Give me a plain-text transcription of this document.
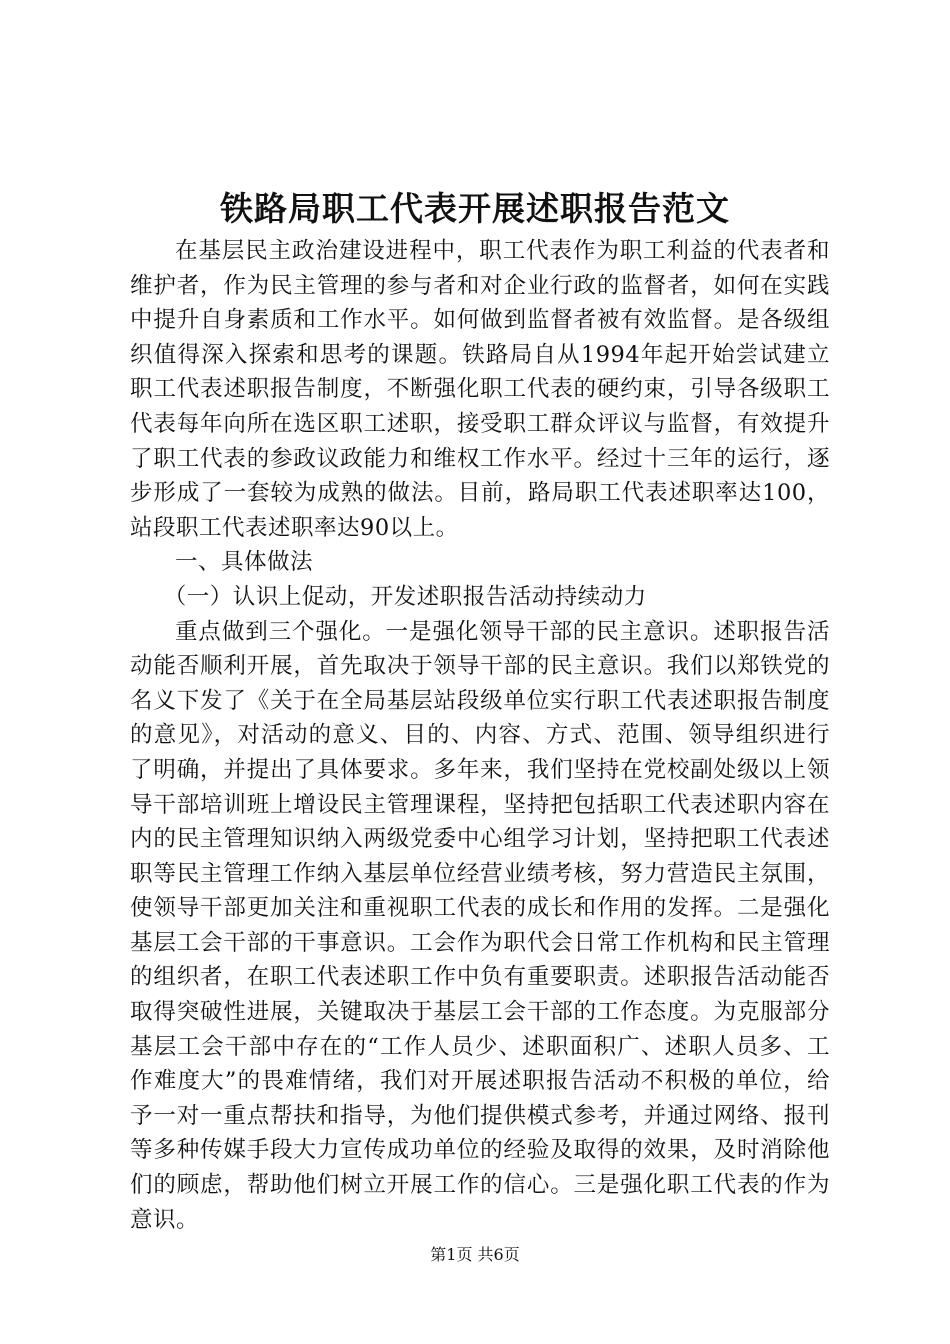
铁路局职工代表开展述职报告范文

在基层民主政治建设进程中，职工代表作为职工利益的代表者和维护者，作为民主管理的参与者和对企业行政的监督者，如何在实践中提升自身素质和工作水平。如何做到监督者被有效监督。是各级组织值得深入探索和思考的课题。铁路局自从1994年起开始尝试建立职工代表述职报告制度，不断强化职工代表的硬约束，引导各级职工代表每年向所在选区职工述职，接受职工群众评议与监督，有效提升了职工代表的参政议政能力和维权工作水平。经过十三年的运行，逐步形成了一套较为成熟的做法。目前，路局职工代表述职率达100，站段职工代表述职率达90以上。

一、具体做法

（一）认识上促动，开发述职报告活动持续动力

重点做到三个强化。一是强化领导干部的民主意识。述职报告活动能否顺利开展，首先取决于领导干部的民主意识。我们以郑铁党的名义下发了《关于在全局基层站段级单位实行职工代表述职报告制度的意见》，对活动的意义、目的、内容、方式、范围、领导组织进行了明确，并提出了具体要求。多年来，我们坚持在党校副处级以上领导干部培训班上增设民主管理课程，坚持把包括职工代表述职内容在内的民主管理知识纳入两级党委中心组学习计划，坚持把职工代表述职等民主管理工作纳入基层单位经营业绩考核，努力营造民主氛围，使领导干部更加关注和重视职工代表的成长和作用的发挥。二是强化基层工会干部的干事意识。工会作为职代会日常工作机构和民主管理的组织者，在职工代表述职工作中负有重要职责。述职报告活动能否取得突破性进展，关键取决于基层工会干部的工作态度。为克服部分基层工会干部中存在的“工作人员少、述职面积广、述职人员多、工作难度大”的畏难情绪，我们对开展述职报告活动不积极的单位，给予一对一重点帮扶和指导，为他们提供模式参考，并通过网络、报刊等多种传媒手段大力宣传成功单位的经验及取得的效果，及时消除他们的顾虑，帮助他们树立开展工作的信心。三是强化职工代表的作为意识。

第1页 共6页
